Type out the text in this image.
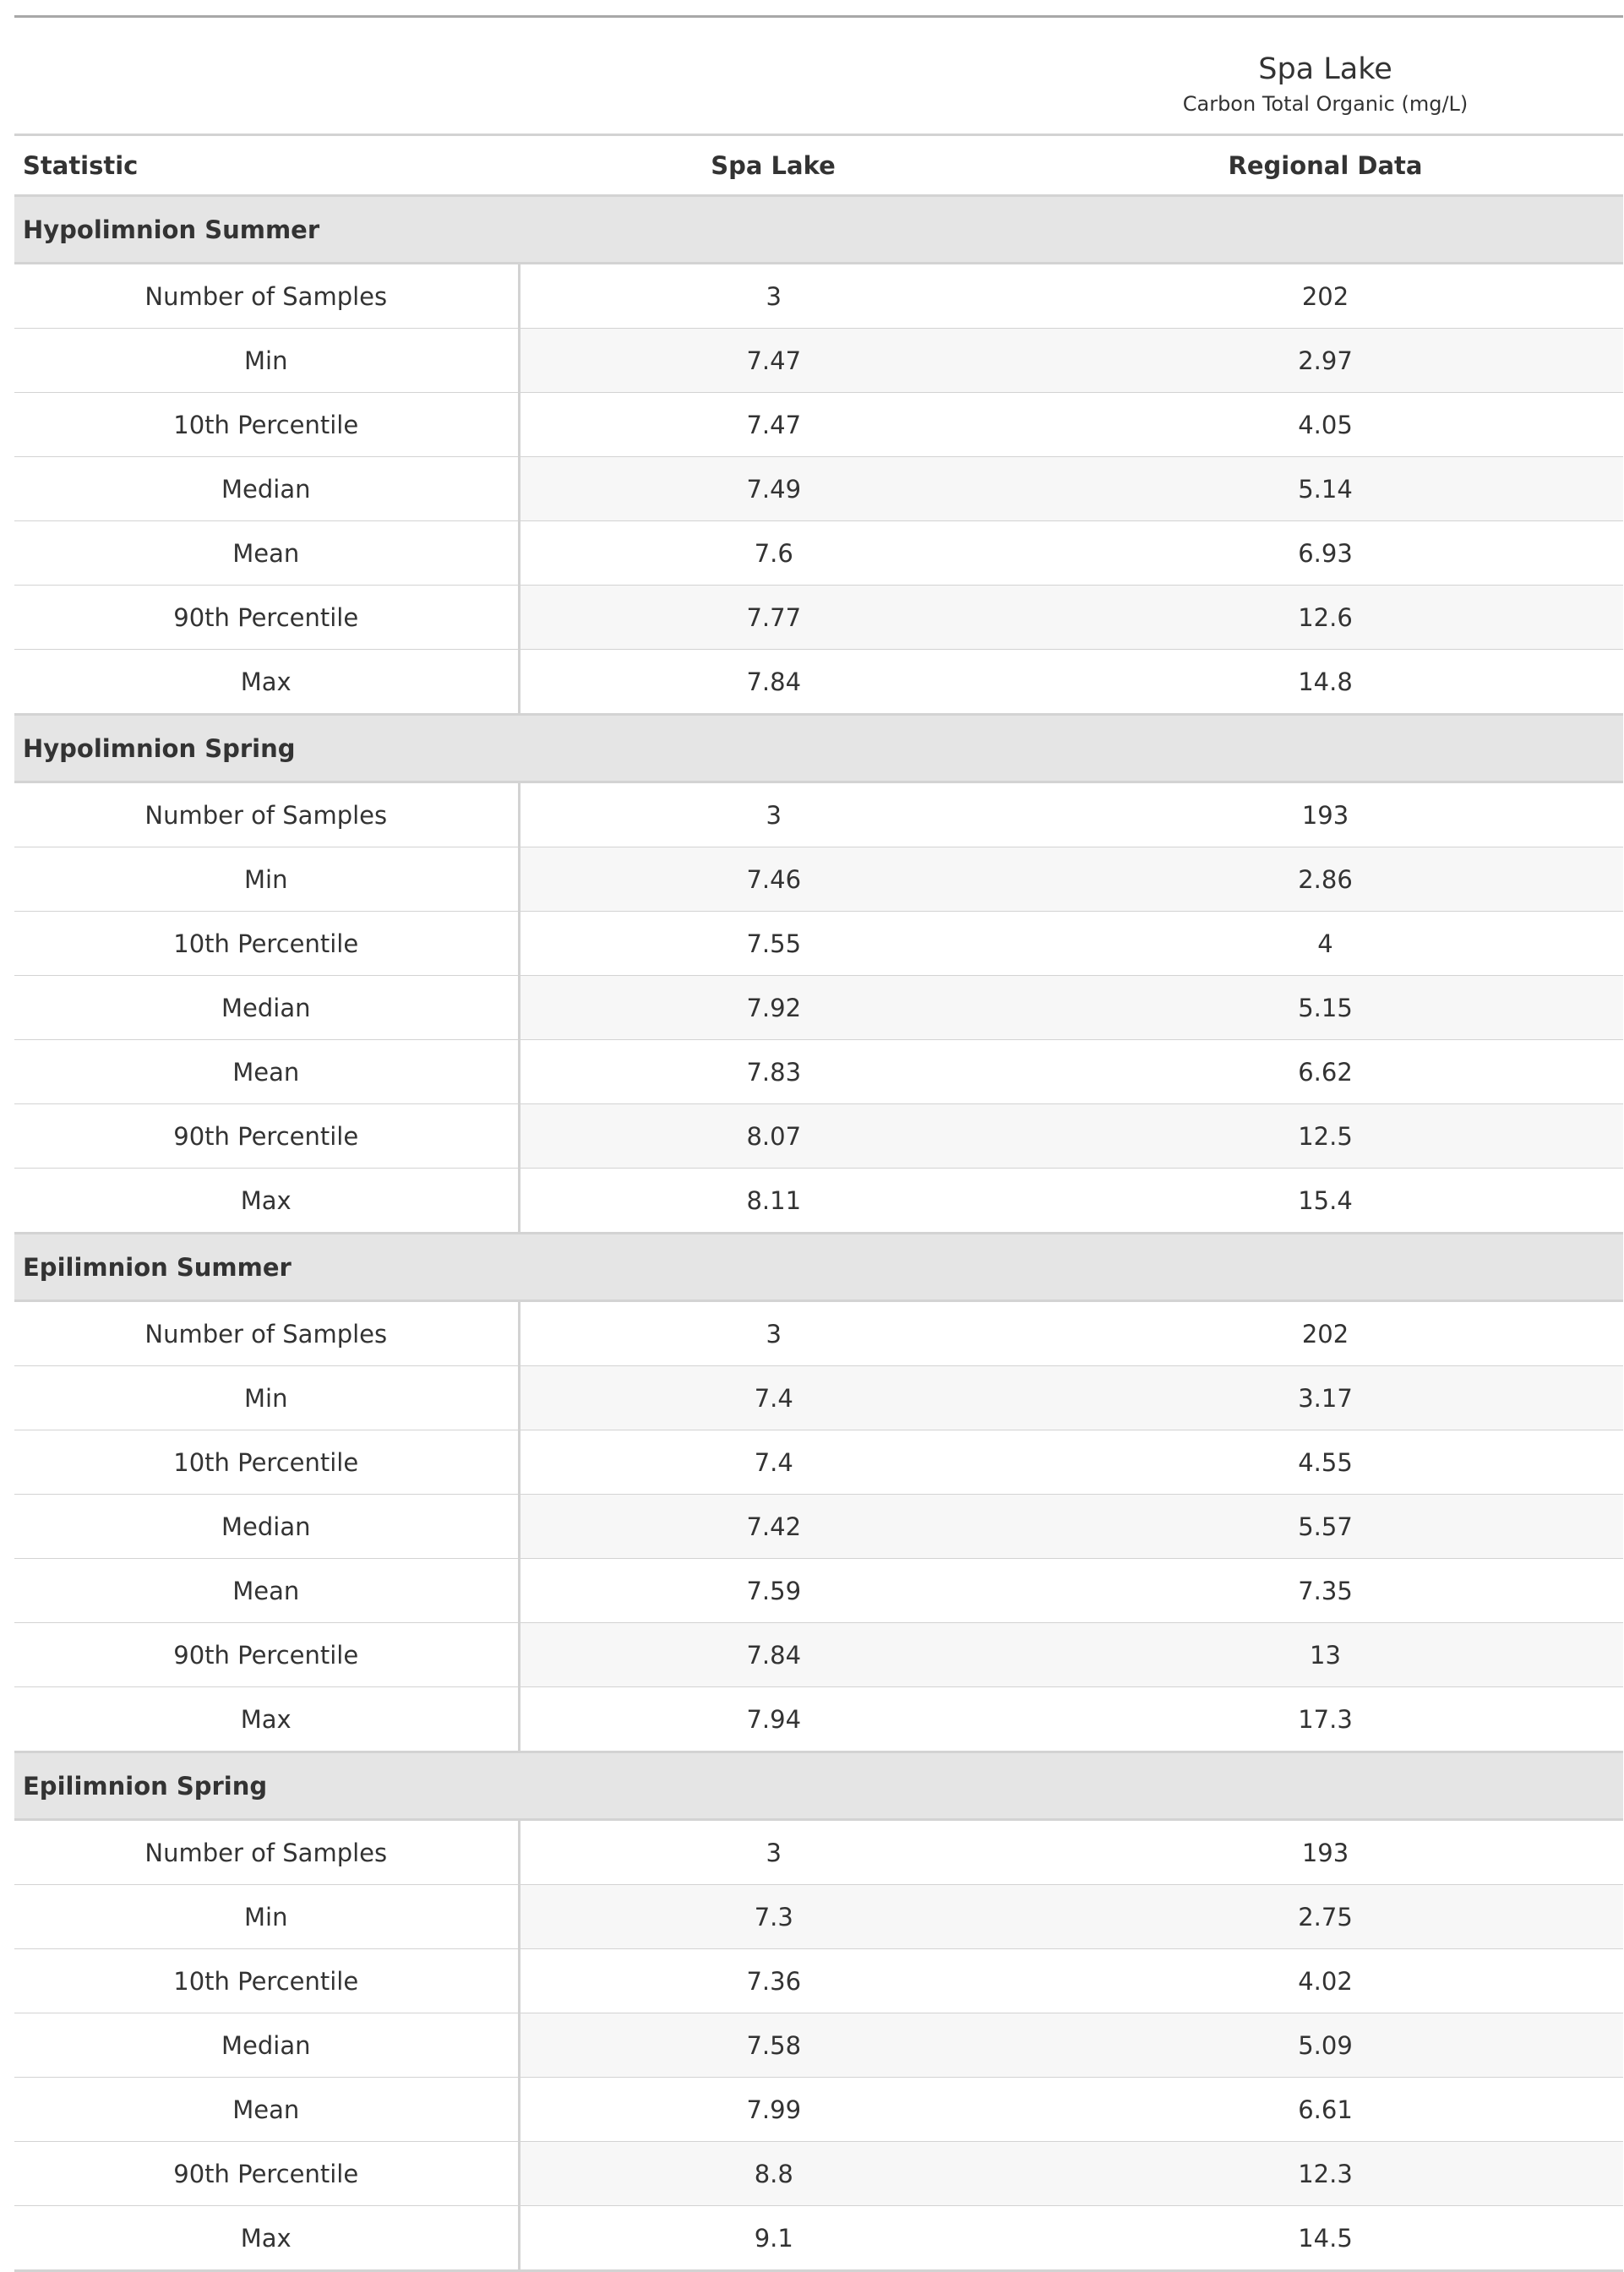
Spa Lake		

Carbon Total Organic (mg/L)		

Statistic	Spa Lake	Regional Data
Hypolimnion Summer		
Number of Samples	3	202
Min	7.47	2.97
10th Percentile	7.47	4.05
Median	7.49	5.14
Mean	7.6	6.93
90th Percentile	7.77	12.6
Max	7.84	14.8
Hypolimnion Spring		
Number of Samples	3	193
Min	7.46	2.86
10th Percentile	7.55	4
Median	7.92	5.15
Mean	7.83	6.62
90th Percentile	8.07	12.5
Max	8.11	15.4
Epilimnion Summer		
Number of Samples	3	202
Min	7.4	3.17
10th Percentile	7.4	4.55
Median	7.42	5.57
Mean	7.59	7.35
90th Percentile	7.84	13
Max	7.94	17.3
Epilimnion Spring		
Number of Samples	3	193
Min	7.3	2.75
10th Percentile	7.36	4.02
Median	7.58	5.09
Mean	7.99	6.61
90th Percentile	8.8	12.3
Max	9.1	14.5
